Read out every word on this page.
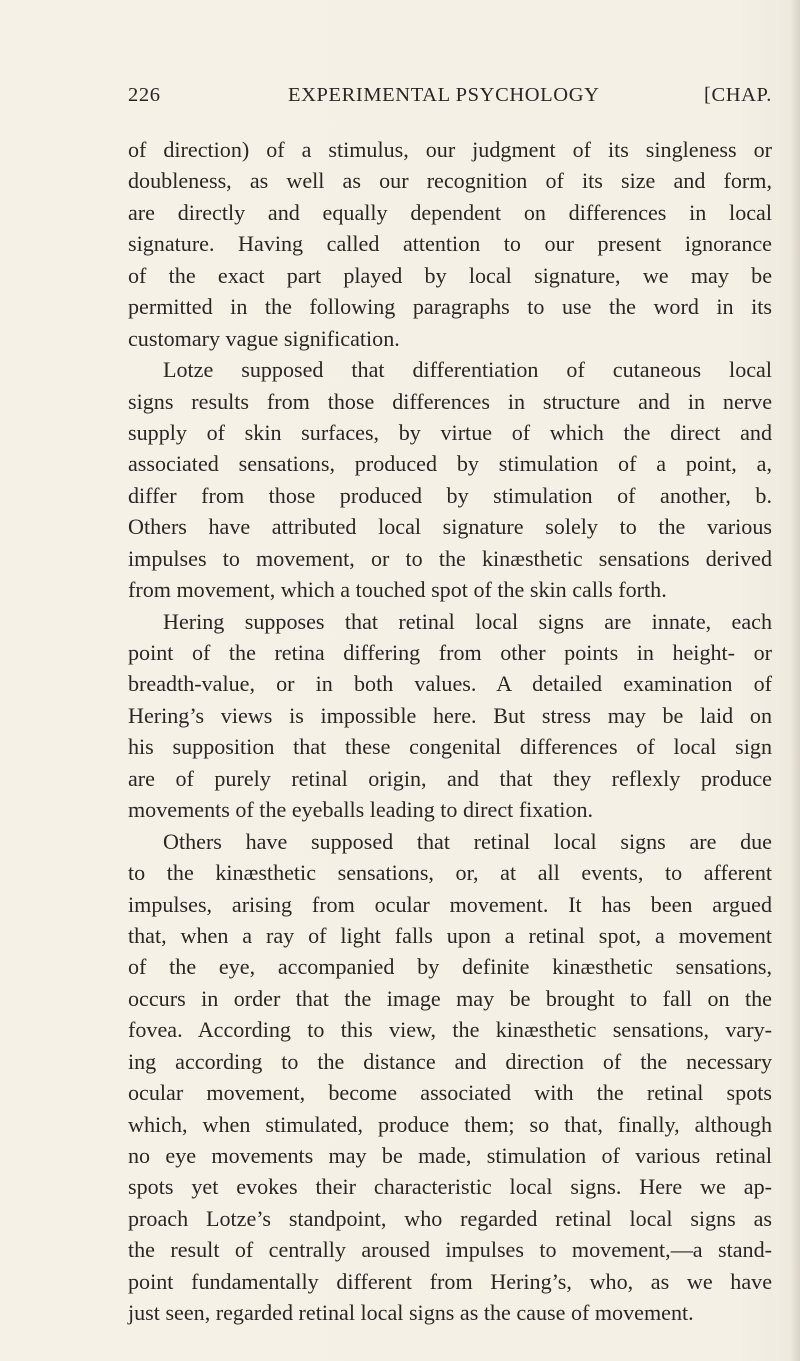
226	EXPERIMENTAL PSYCHOLOGY	[CHAP.
of direction) of a stimulus, our judgment of its singleness or
doubleness, as well as our recognition of its size and form,
are directly and equally dependent on differences in local
signature. Having called attention to our present ignorance
of the exact part played by local signature, we may be
permitted in the following paragraphs to use the word in its
customary vague signification.
Lotze supposed that differentiation of cutaneous local
signs results from those differences in structure and in nerve
supply of skin surfaces, by virtue of which the direct and
associated sensations, produced by stimulation of a point, a,
differ from those produced by stimulation of another, b.
Others have attributed local signature solely to the various
impulses to movement, or to the kinæsthetic sensations derived
from movement, which a touched spot of the skin calls forth.
Hering supposes that retinal local signs are innate, each
point of the retina differing from other points in height- or
breadth-value, or in both values. A detailed examination of
Hering’s views is impossible here. But stress may be laid on
his supposition that these congenital differences of local sign
are of purely retinal origin, and that they reflexly produce
movements of the eyeballs leading to direct fixation.
Others have supposed that retinal local signs are due
to the kinæsthetic sensations, or, at all events, to afferent
impulses, arising from ocular movement. It has been argued
that, when a ray of light falls upon a retinal spot, a movement
of the eye, accompanied by definite kinæsthetic sensations,
occurs in order that the image may be brought to fall on the
fovea. According to this view, the kinæsthetic sensations, vary-
ing according to the distance and direction of the necessary
ocular movement, become associated with the retinal spots
which, when stimulated, produce them; so that, finally, although
no eye movements may be made, stimulation of various retinal
spots yet evokes their characteristic local signs. Here we ap-
proach Lotze’s standpoint, who regarded retinal local signs as
the result of centrally aroused impulses to movement,—a stand-
point fundamentally different from Hering’s, who, as we have
just seen, regarded retinal local signs as the cause of movement.
